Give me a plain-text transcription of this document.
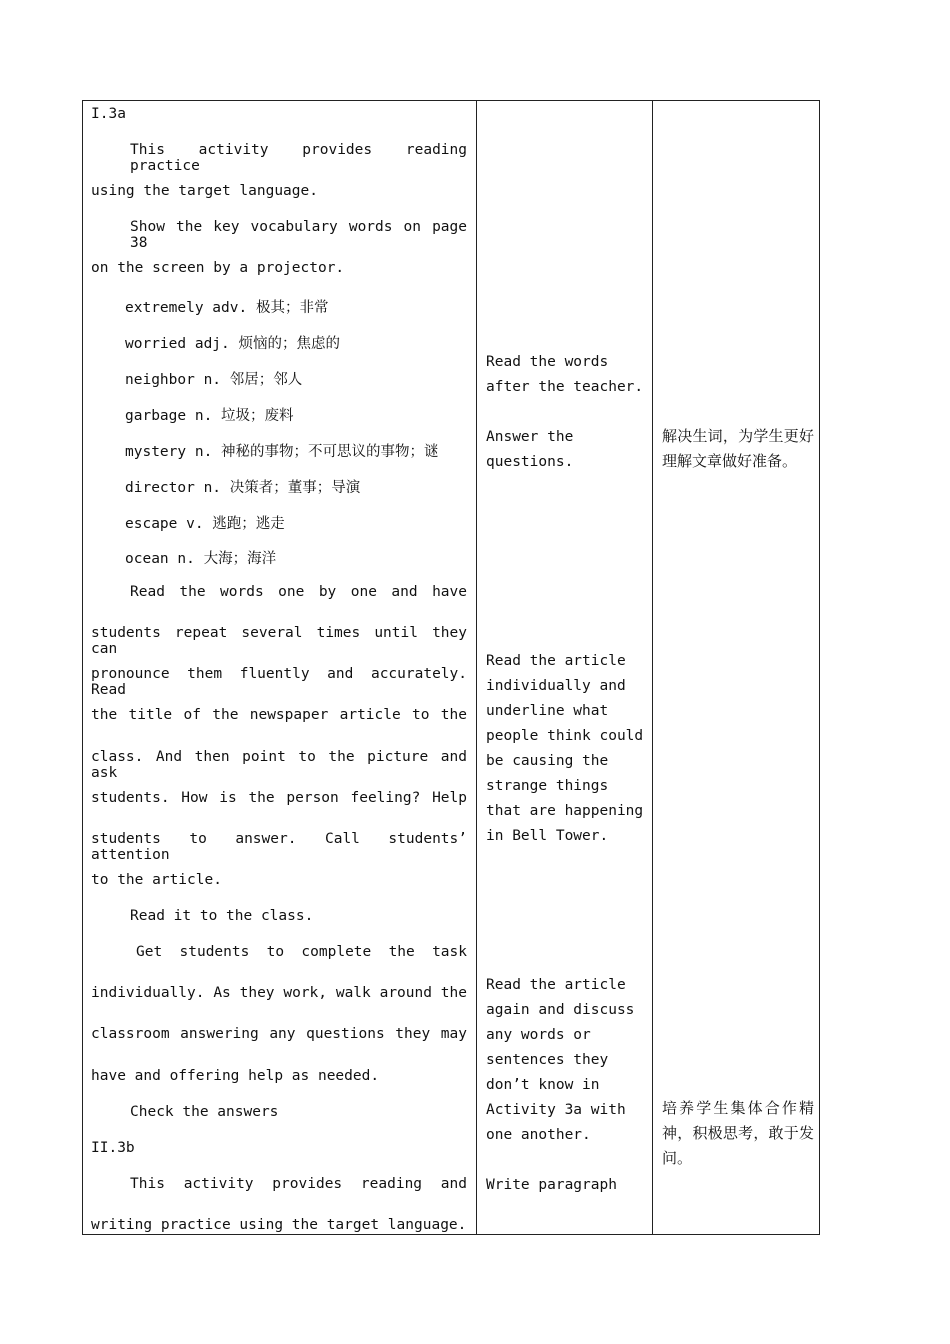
I.3a

This activity provides reading practice

using the target language.

Show the key vocabulary words on page 38

on the screen by a projector.

extremely adv. 极其；非常

worried adj. 烦恼的；焦虑的

neighbor n. 邻居；邻人

garbage n. 垃圾；废料

mystery n. 神秘的事物；不可思议的事物；谜

director n. 决策者；董事；导演

escape v. 逃跑；逃走

ocean n. 大海；海洋

Read the words one by one and have

students repeat several times until they can

pronounce them fluently and accurately. Read

the title of the newspaper article to the

class. And then point to the picture and ask

students. How is the person feeling? Help

students to answer. Call students’ attention

to the article.

Read it to the class.

Get students to complete the task

individually. As they work, walk around the

classroom answering any questions they may

have and offering help as needed.

Check the answers

II.3b

This activity provides reading and

writing practice using the target language.

Read the words
after the teacher.

Answer the
questions.
Read the article
individually and
underline what
people think could
be causing the
strange things
that are happening
in Bell Tower.
Read the article
again and discuss
any words or
sentences they
don’t know in
Activity 3a with
one another.

Write paragraph
解决生词，为学生更好理解文章做好准备。
培养学生集体合作精神，积极思考，敢于发问。
